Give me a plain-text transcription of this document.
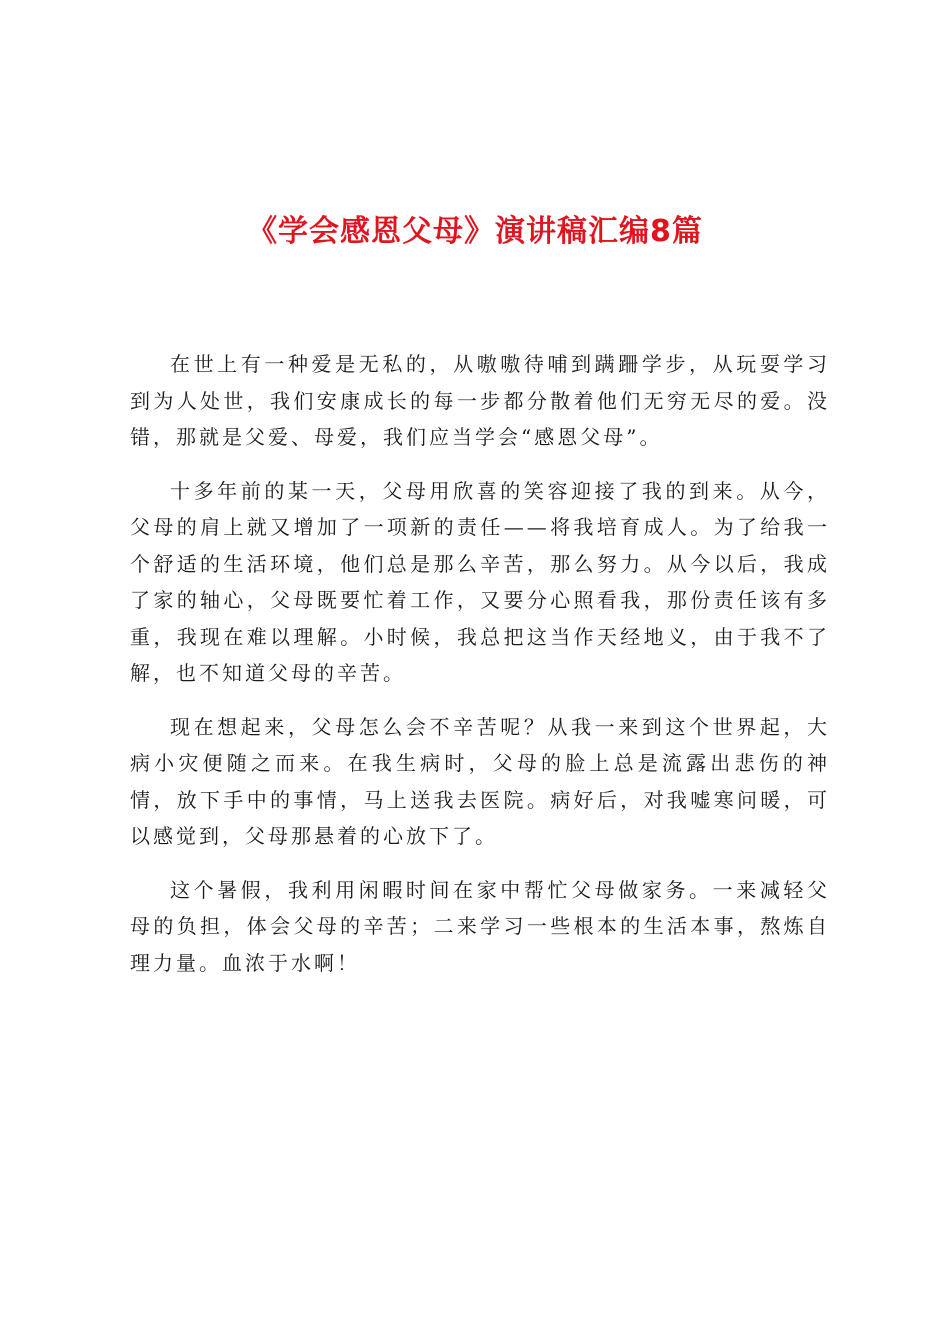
《学会感恩父母》演讲稿汇编8篇

在世上有一种爱是无私的，从嗷嗷待哺到蹒跚学步，从玩耍学习到为人处世，我们安康成长的每一步都分散着他们无穷无尽的爱。没错，那就是父爱、母爱，我们应当学会“感恩父母”。

十多年前的某一天，父母用欣喜的笑容迎接了我的到来。从今，父母的肩上就又增加了一项新的责任——将我培育成人。为了给我一个舒适的生活环境，他们总是那么辛苦，那么努力。从今以后，我成了家的轴心，父母既要忙着工作，又要分心照看我，那份责任该有多重，我现在难以理解。小时候，我总把这当作天经地义，由于我不了解，也不知道父母的辛苦。

现在想起来，父母怎么会不辛苦呢？从我一来到这个世界起，大病小灾便随之而来。在我生病时，父母的脸上总是流露出悲伤的神情，放下手中的事情，马上送我去医院。病好后，对我嘘寒问暖，可以感觉到，父母那悬着的心放下了。

这个暑假，我利用闲暇时间在家中帮忙父母做家务。一来减轻父母的负担，体会父母的辛苦；二来学习一些根本的生活本事，熬炼自理力量。血浓于水啊！
